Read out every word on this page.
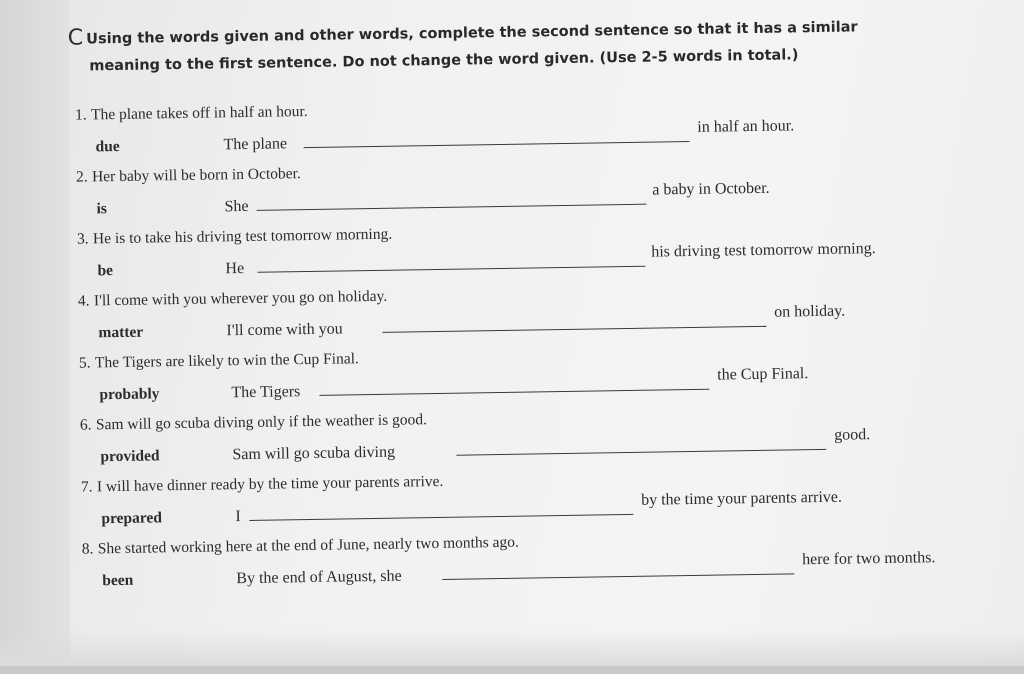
C Using the words given and other words, complete the second sentence so that it has a similar
meaning to the first sentence. Do not change the word given. (Use 2-5 words in total.)
1. The plane takes off in half an hour.
due	The plane
in half an hour.
2. Her baby will be born in October.
is	She
a baby in October.
3. He is to take his driving test tomorrow morning.
be	He
his driving test tomorrow morning.
4. I'll come with you wherever you go on holiday.
matter	I'll come with you
on holiday.
5. The Tigers are likely to win the Cup Final.
probably	The Tigers
the Cup Final.
6. Sam will go scuba diving only if the weather is good.
provided	Sam will go scuba diving
good.
7. I will have dinner ready by the time your parents arrive.
prepared	I
by the time your parents arrive.
8. She started working here at the end of June, nearly two months ago.
been	By the end of August, she
here for two months.
